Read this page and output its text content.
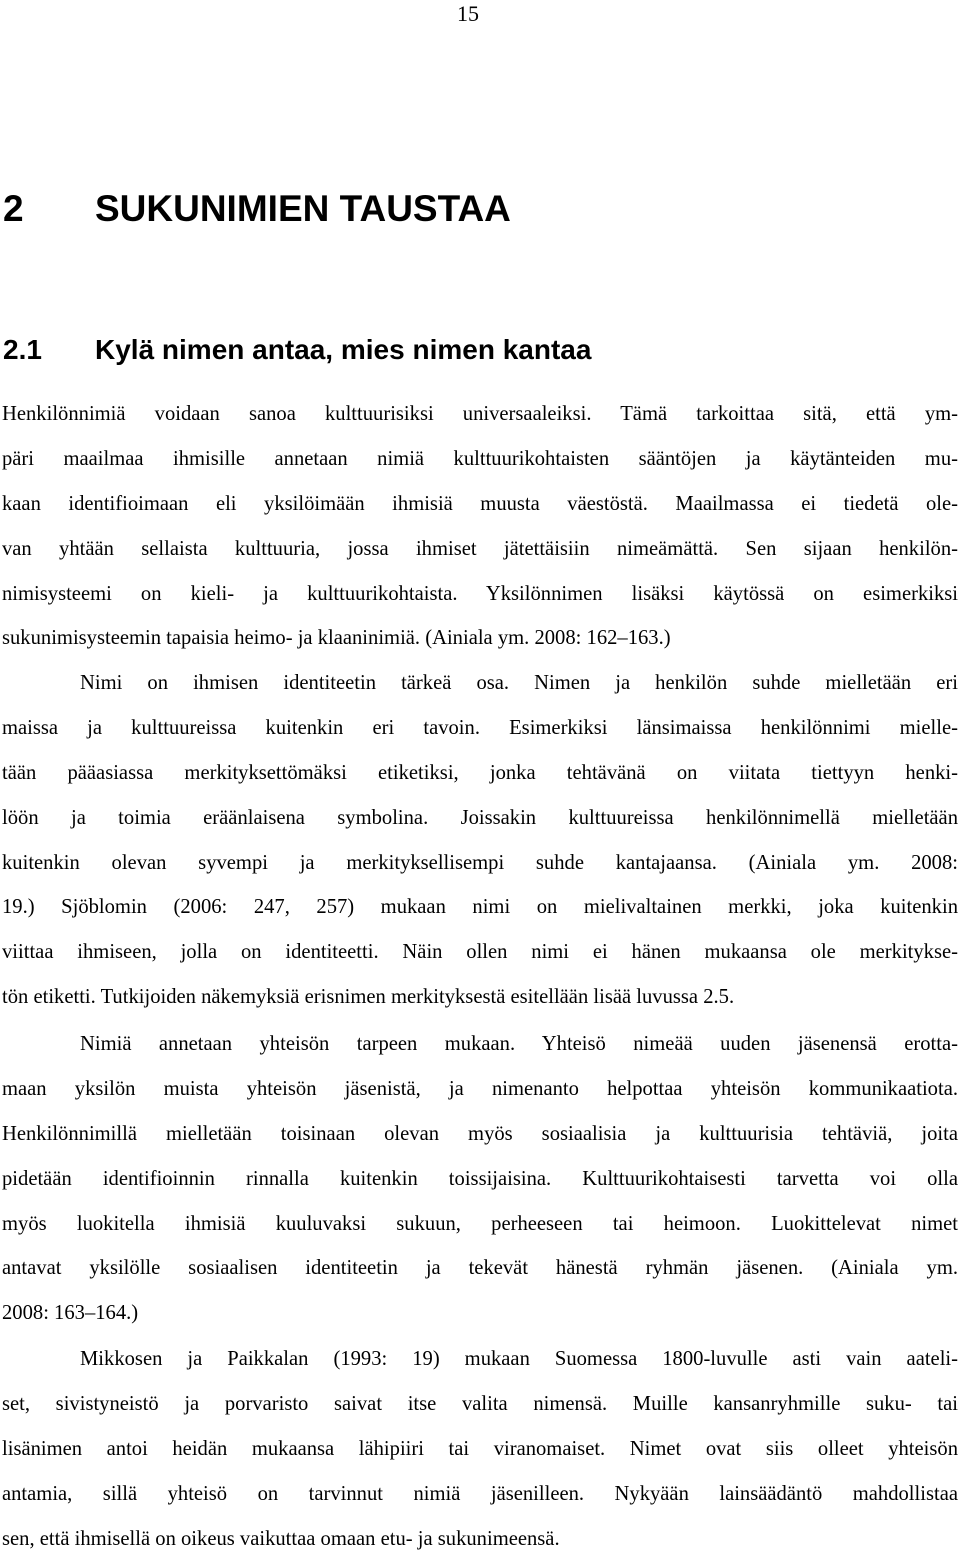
15
2 SUKUNIMIEN TAUSTAA
2.1 Kylä nimen antaa, mies nimen kantaa
Henkilönnimiä voidaan sanoa kulttuurisiksi universaaleiksi. Tämä tarkoittaa sitä, että ym-
päri maailmaa ihmisille annetaan nimiä kulttuurikohtaisten sääntöjen ja käytänteiden mu-
kaan identifioimaan eli yksilöimään ihmisiä muusta väestöstä. Maailmassa ei tiedetä ole-
van yhtään sellaista kulttuuria, jossa ihmiset jätettäisiin nimeämättä. Sen sijaan henkilön-
nimisysteemi on kieli- ja kulttuurikohtaista. Yksilönnimen lisäksi käytössä on esimerkiksi
sukunimisysteemin tapaisia heimo- ja klaaninimiä. (Ainiala ym. 2008: 162–163.)
Nimi on ihmisen identiteetin tärkeä osa. Nimen ja henkilön suhde mielletään eri
maissa ja kulttuureissa kuitenkin eri tavoin. Esimerkiksi länsimaissa henkilönnimi mielle-
tään pääasiassa merkityksettömäksi etiketiksi, jonka tehtävänä on viitata tiettyyn henki-
löön ja toimia eräänlaisena symbolina. Joissakin kulttuureissa henkilönnimellä mielletään
kuitenkin olevan syvempi ja merkityksellisempi suhde kantajaansa. (Ainiala ym. 2008:
19.) Sjöblomin (2006: 247, 257) mukaan nimi on mielivaltainen merkki, joka kuitenkin
viittaa ihmiseen, jolla on identiteetti. Näin ollen nimi ei hänen mukaansa ole merkitykse-
tön etiketti. Tutkijoiden näkemyksiä erisnimen merkityksestä esitellään lisää luvussa 2.5.
Nimiä annetaan yhteisön tarpeen mukaan. Yhteisö nimeää uuden jäsenensä erotta-
maan yksilön muista yhteisön jäsenistä, ja nimenanto helpottaa yhteisön kommunikaatiota.
Henkilönnimillä mielletään toisinaan olevan myös sosiaalisia ja kulttuurisia tehtäviä, joita
pidetään identifioinnin rinnalla kuitenkin toissijaisina. Kulttuurikohtaisesti tarvetta voi olla
myös luokitella ihmisiä kuuluvaksi sukuun, perheeseen tai heimoon. Luokittelevat nimet
antavat yksilölle sosiaalisen identiteetin ja tekevät hänestä ryhmän jäsenen. (Ainiala ym.
2008: 163–164.)
Mikkosen ja Paikkalan (1993: 19) mukaan Suomessa 1800-luvulle asti vain aateli-
set, sivistyneistö ja porvaristo saivat itse valita nimensä. Muille kansanryhmille suku- tai
lisänimen antoi heidän mukaansa lähipiiri tai viranomaiset. Nimet ovat siis olleet yhteisön
antamia, sillä yhteisö on tarvinnut nimiä jäsenilleen. Nykyään lainsäädäntö mahdollistaa
sen, että ihmisellä on oikeus vaikuttaa omaan etu- ja sukunimeensä.
